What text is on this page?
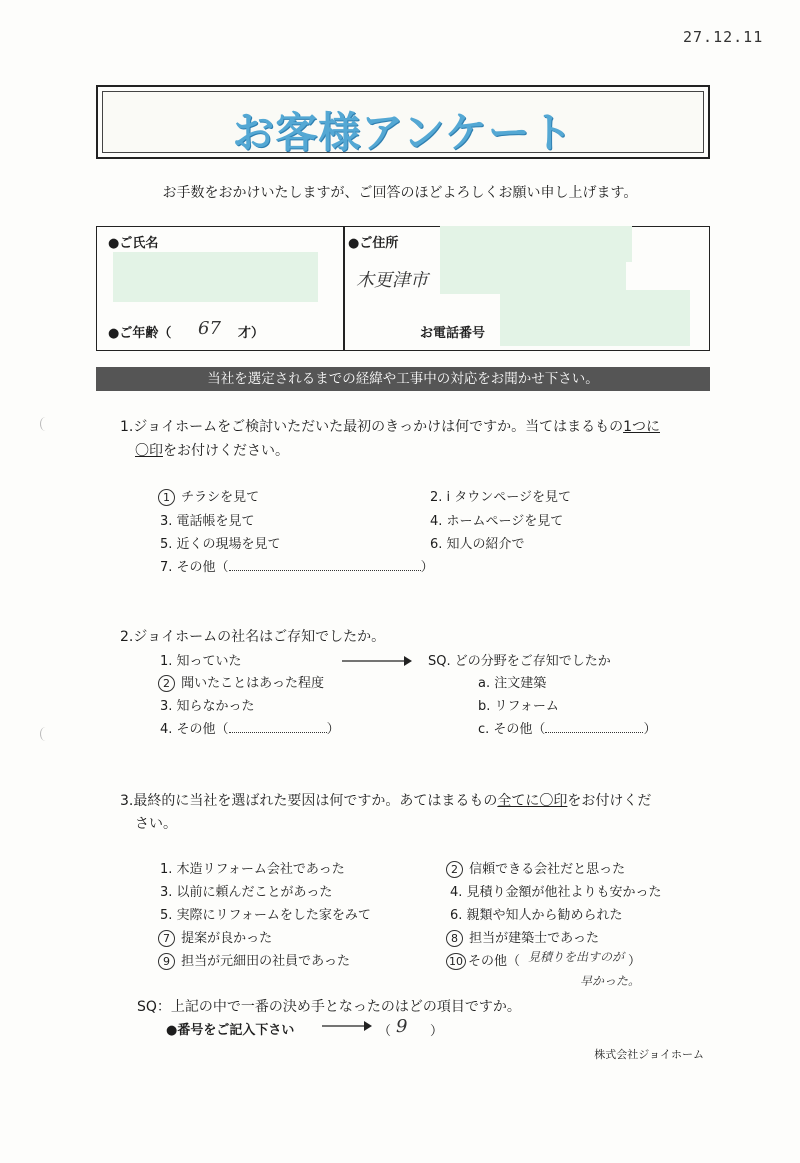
27.12.11
お客様アンケート
お手数をおかけいたしますが、ご回答のほどよろしくお願い申し上げます。
●ご氏名
●ご年齢（ 67 才）
●ご住所
木更津市
お電話番号
当社を選定されるまでの経緯や工事中の対応をお聞かせ下さい。
1.ジョイホームをご検討いただいた最初のきっかけは何ですか。当てはまるもの1つに
〇印をお付けください。
1 チラシを見て	2. i タウンページを見て
3. 電話帳を見て	4. ホームページを見て
5. 近くの現場を見て	6. 知人の紹介で
7. その他（	）
2.ジョイホームの社名はご存知でしたか。
1. 知っていた	SQ. どの分野をご存知でしたか
2 聞いたことはあった程度	a. 注文建築
3. 知らなかった	b. リフォーム
4. その他（	）	c. その他（	）
3.最終的に当社を選ばれた要因は何ですか。あてはまるもの全てに〇印をお付けくだ
さい。
1. 木造リフォーム会社であった	2 信頼できる会社だと思った
3. 以前に頼んだことがあった	4. 見積り金額が他社よりも安かった
5. 実際にリフォームをした家をみて	6. 親類や知人から勧められた
7 提案が良かった	8 担当が建築士であった
9 担当が元細田の社員であった	10 その他（ 見積りを出すのが ）
早かった。
SQ：上記の中で一番の決め手となったのはどの項目ですか。
●番号をご記入下さい	（ 9 ）
株式会社ジョイホーム
